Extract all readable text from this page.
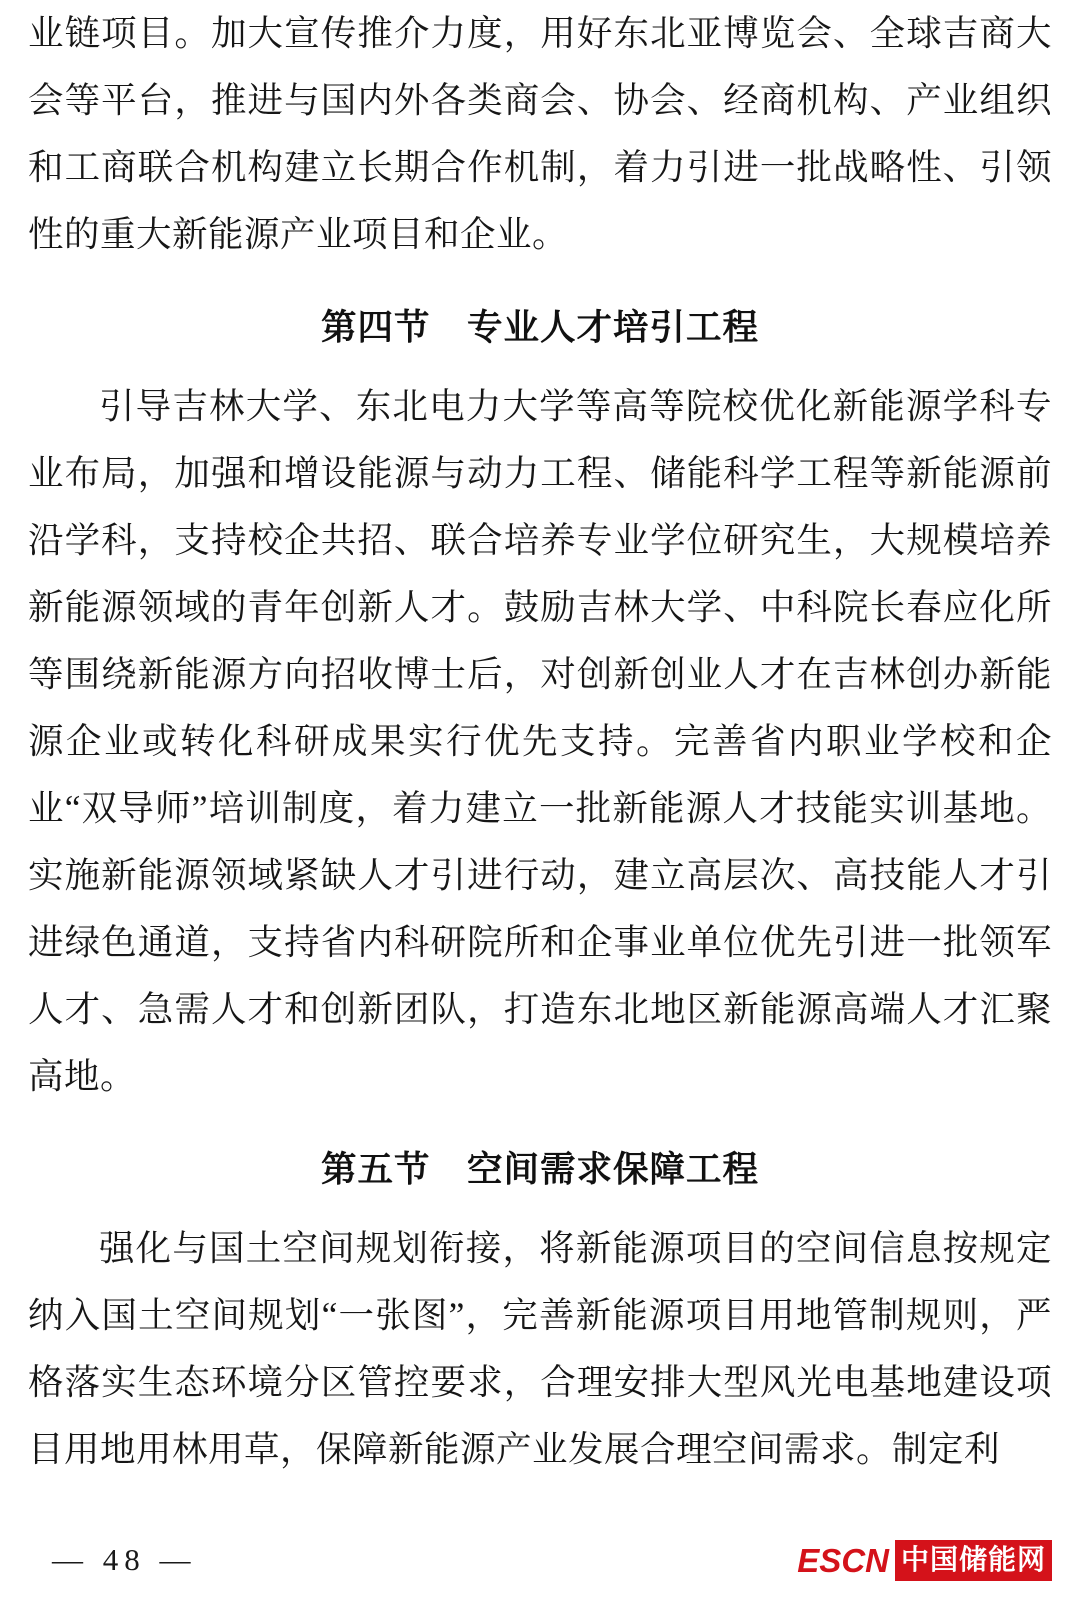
业链项目。加大宣传推介力度，用好东北亚博览会、全球吉商大会等平台，推进与国内外各类商会、协会、经商机构、产业组织和工商联合机构建立长期合作机制，着力引进一批战略性、引领性的重大新能源产业项目和企业。

第四节　专业人才培引工程

引导吉林大学、东北电力大学等高等院校优化新能源学科专业布局，加强和增设能源与动力工程、储能科学工程等新能源前沿学科，支持校企共招、联合培养专业学位研究生，大规模培养新能源领域的青年创新人才。鼓励吉林大学、中科院长春应化所等围绕新能源方向招收博士后，对创新创业人才在吉林创办新能源企业或转化科研成果实行优先支持。完善省内职业学校和企业“双导师”培训制度，着力建立一批新能源人才技能实训基地。实施新能源领域紧缺人才引进行动，建立高层次、高技能人才引进绿色通道，支持省内科研院所和企事业单位优先引进一批领军人才、急需人才和创新团队，打造东北地区新能源高端人才汇聚高地。

第五节　空间需求保障工程

强化与国土空间规划衔接，将新能源项目的空间信息按规定纳入国土空间规划“一张图”，完善新能源项目用地管制规则，严格落实生态环境分区管控要求，合理安排大型风光电基地建设项目用地用林用草，保障新能源产业发展合理空间需求。制定利

— 48 —	ESCN 中国储能网
